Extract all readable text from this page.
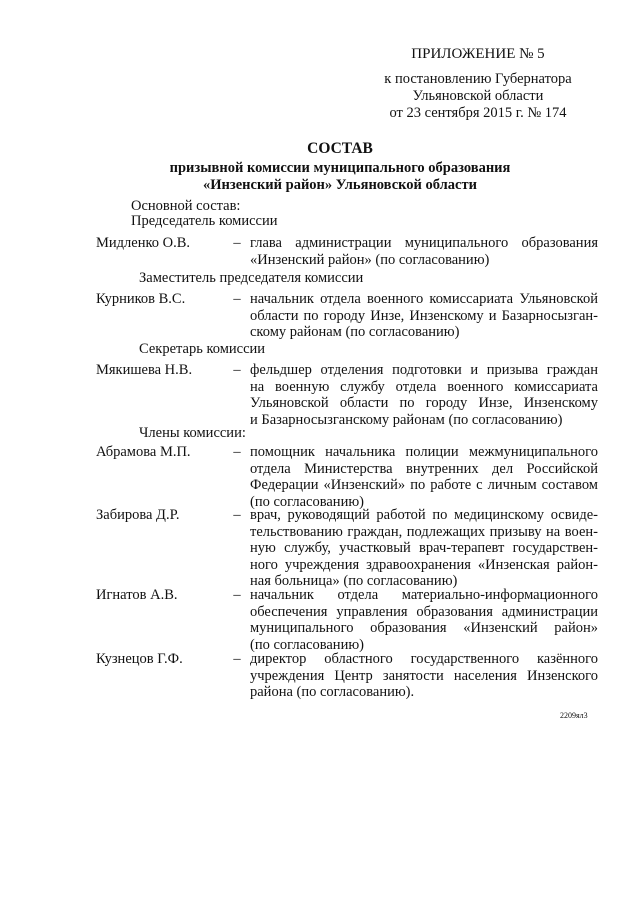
ПРИЛОЖЕНИЕ № 5
к постановлению Губернатора
Ульяновской области
от 23 сентября 2015 г. № 174
СОСТАВ
призывной комиссии муниципального образования
«Инзенский район» Ульяновской области
Основной состав:
Председатель комиссии
Мидленко О.В.	– глава администрации муниципального образования
«Инзенский район» (по согласованию)
Заместитель председателя комиссии
Курников В.С.	– начальник отдела военного комиссариата Ульяновской
области по городу Инзе, Инзенскому и Базарносызган-
скому районам (по согласованию)
Секретарь комиссии
Мякишева Н.В.	– фельдшер отделения подготовки и призыва граждан
на военную службу отдела военного комиссариата
Ульяновской области по городу Инзе, Инзенскому
и Базарносызганскому районам (по согласованию)
Члены комиссии:
Абрамова М.П.	– помощник начальника полиции межмуниципального
отдела Министерства внутренних дел Российской
Федерации «Инзенский» по работе с личным составом
(по согласованию)
Забирова Д.Р.	– врач, руководящий работой по медицинскому освиде-
тельствованию граждан, подлежащих призыву на воен-
ную службу, участковый врач-терапевт государствен-
ного учреждения здравоохранения «Инзенская район-
ная больница» (по согласованию)
Игнатов А.В.	– начальник отдела материально-информационного
обеспечения управления образования администрации
муниципального образования «Инзенский район»
(по согласованию)
Кузнецов Г.Ф.	– директор областного государственного казённого
учреждения Центр занятости населения Инзенского
района (по согласованию).
2209ял3
